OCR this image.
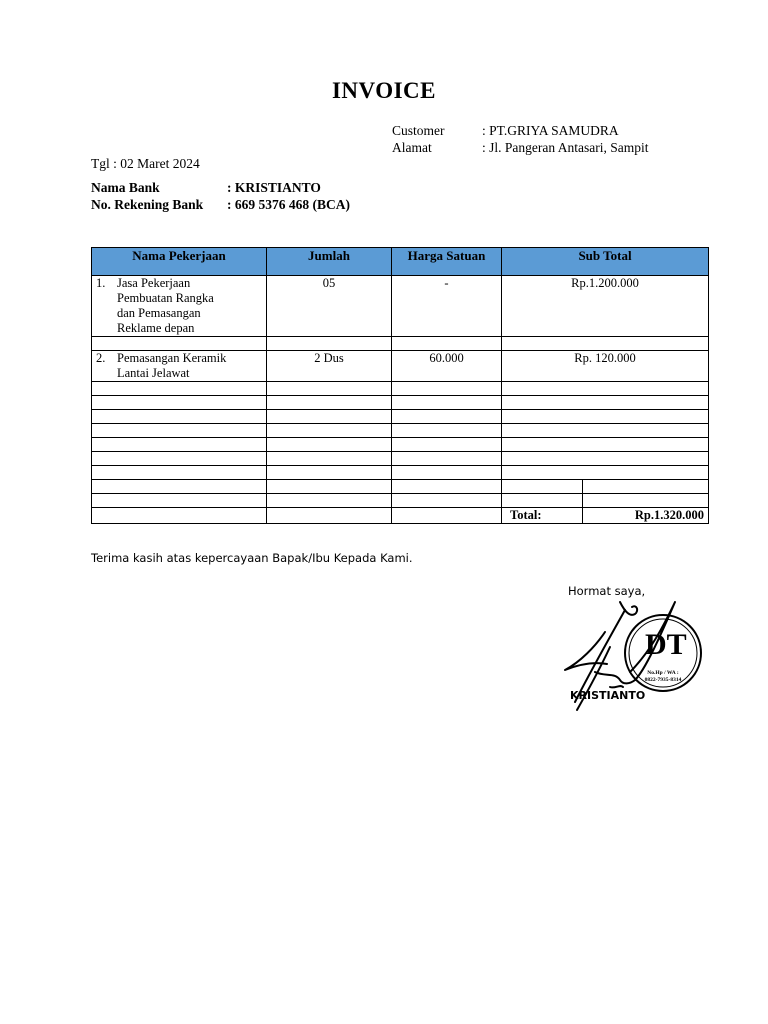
INVOICE
Customer	: PT.GRIYA SAMUDRA
Alamat	: Jl. Pangeran Antasari, Sampit
Tgl : 02 Maret 2024
Nama Bank	: KRISTIANTO
No. Rekening Bank : 669 5376 468 (BCA)
Nama Pekerjaan	Jumlah	Harga Satuan	Sub Total	

1. Jasa Pekerjaan
Pembuatan Rangka
dan Pemasangan
Reklame depan	05	-	Rp.1.200.000	

2. Pemasangan Keramik
Lantai Jelawat	2 Dus	60.000	Rp. 120.000	

			Total:	Rp.1.320.000
Terima kasih atas kepercayaan Bapak/Ibu Kepada Kami.
Hormat saya,
DT
No.Hp / WA :
0822-7935-8314
KRISTIANTO
